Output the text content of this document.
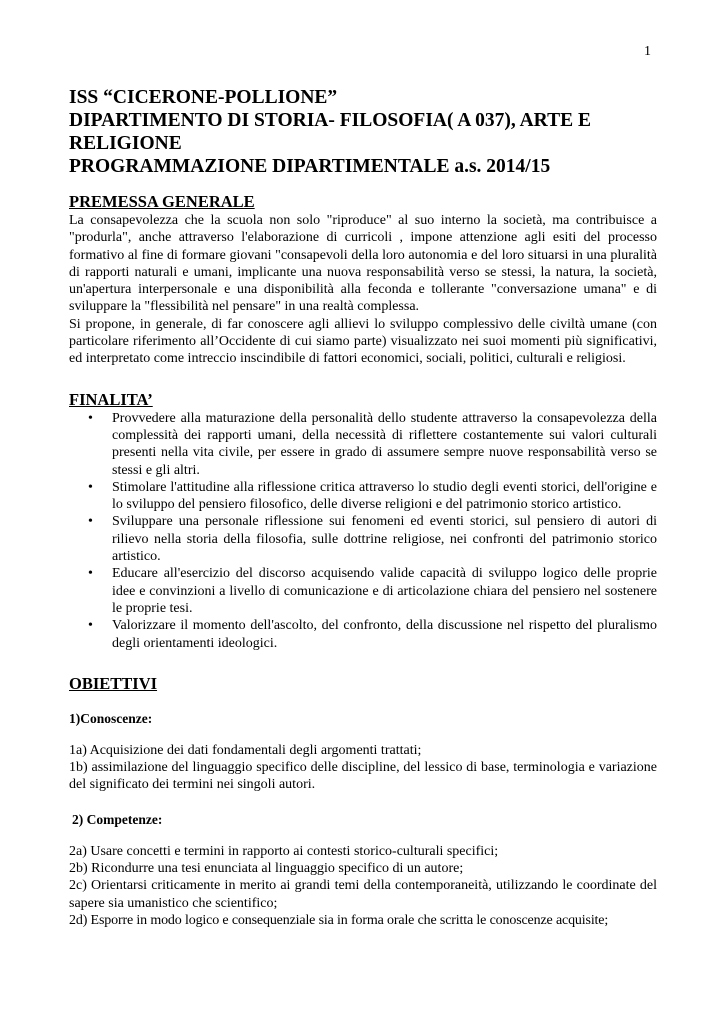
1
ISS “CICERONE-POLLIONE”
DIPARTIMENTO DI STORIA- FILOSOFIA( A 037), ARTE E
RELIGIONE
PROGRAMMAZIONE DIPARTIMENTALE a.s. 2014/15
PREMESSA GENERALE

La consapevolezza che la scuola non solo "riproduce" al suo interno la società, ma contribuisce a "produrla", anche attraverso l'elaborazione di curricoli , impone attenzione agli esiti del processo formativo al fine di formare giovani "consapevoli della loro autonomia e del loro situarsi in una pluralità di rapporti naturali e umani, implicante una nuova responsabilità verso se stessi, la natura, la società, un'apertura interpersonale e una disponibilità alla feconda e tollerante "conversazione umana" e di sviluppare la "flessibilità nel pensare" in una realtà complessa.

Si propone, in generale, di far conoscere agli allievi lo sviluppo complessivo delle civiltà umane (con particolare riferimento all’Occidente di cui siamo parte) visualizzato nei suoi momenti più significativi, ed interpretato come intreccio inscindibile di fattori economici, sociali, politici, culturali e religiosi.

FINALITA’
• Provvedere alla maturazione della personalità dello studente attraverso la consapevolezza della complessità dei rapporti umani, della necessità di riflettere costantemente sui valori culturali presenti nella vita civile, per essere in grado di assumere sempre nuove responsabilità verso se stessi e gli altri.
• Stimolare l'attitudine alla riflessione critica attraverso lo studio degli eventi storici, dell'origine e lo sviluppo del pensiero filosofico, delle diverse religioni e del patrimonio storico artistico.
• Sviluppare una personale riflessione sui fenomeni ed eventi storici, sul pensiero di autori di rilievo nella storia della filosofia, sulle dottrine religiose, nei confronti del patrimonio storico artistico.
• Educare all'esercizio del discorso acquisendo valide capacità di sviluppo logico delle proprie idee e convinzioni a livello di comunicazione e di articolazione chiara del pensiero nel sostenere le proprie tesi.
• Valorizzare il momento dell'ascolto, del confronto, della discussione nel rispetto del pluralismo degli orientamenti ideologici.
OBIETTIVI

1)Conoscenze:

1a) Acquisizione dei dati fondamentali degli argomenti trattati;

1b) assimilazione del linguaggio specifico delle discipline, del lessico di base, terminologia e variazione del significato dei termini nei singoli autori.

2) Competenze:

2a) Usare concetti e termini in rapporto ai contesti storico-culturali specifici;

2b) Ricondurre una tesi enunciata al linguaggio specifico di un autore;

2c) Orientarsi criticamente in merito ai grandi temi della contemporaneità, utilizzando le coordinate del sapere sia umanistico che scientifico;

2d) Esporre in modo logico e consequenziale sia in forma orale che scritta le conoscenze acquisite;
